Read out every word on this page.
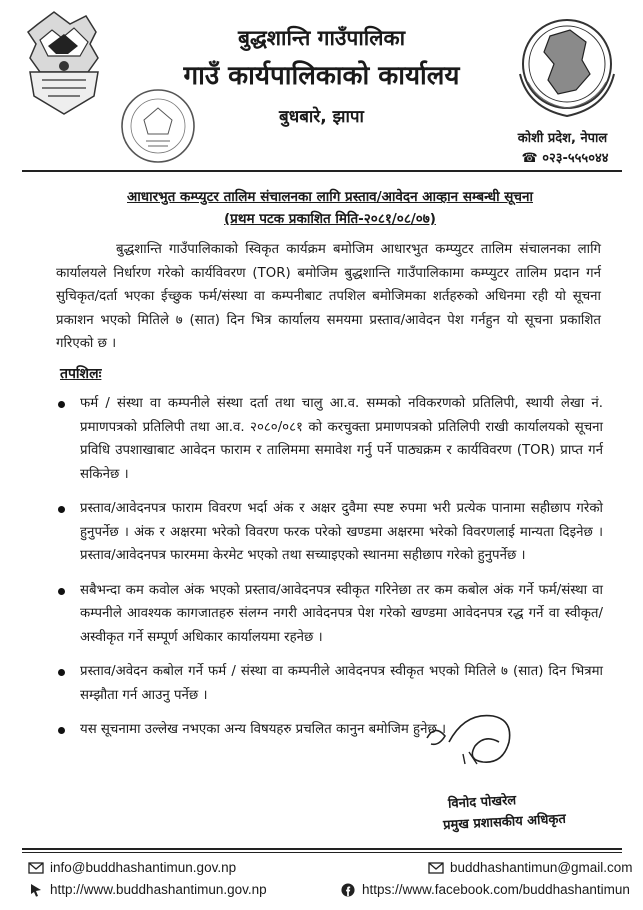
बुद्धशान्ति गाउँपालिका
गाउँ कार्यपालिकाको कार्यालय
बुधबारे, झापा
कोशी प्रदेश, नेपाल
☎ ०२३-५५५०४४
आधारभुत कम्प्युटर तालिम संचालनका लागि प्रस्ताव/आवेदन आव्हान सम्बन्धी सूचना
(प्रथम पटक प्रकाशित मिति-२०८१/०८/०७)
बुद्धशान्ति गाउँपालिकाको स्विकृत कार्यक्रम बमोजिम आधारभुत कम्प्युटर तालिम संचालनका लागि कार्यालयले निर्धारण गरेको कार्यविवरण (TOR) बमोजिम बुद्धशान्ति गाउँपालिकामा कम्प्युटर तालिम प्रदान गर्न सुचिकृत/दर्ता भएका ईच्छुक फर्म/संस्था वा कम्पनीबाट तपशिल बमोजिमका शर्तहरुको अधिनमा रही यो सूचना प्रकाशन भएको मितिले ७ (सात) दिन भित्र कार्यालय समयमा प्रस्ताव/आवेदन पेश गर्नहुन यो सूचना प्रकाशित गरिएको छ ।
तपशिलः
फर्म / संस्था वा कम्पनीले संस्था दर्ता तथा चालु आ.व. सम्मको नविकरणको प्रतिलिपी, स्थायी लेखा नं. प्रमाणपत्रको प्रतिलिपी तथा आ.व. २०८०/०८१ को करचुक्ता प्रमाणपत्रको प्रतिलिपी राखी कार्यालयको सूचना प्रविधि उपशाखाबाट आवेदन फाराम र तालिममा समावेश गर्नु पर्ने पाठ्यक्रम र कार्यविवरण (TOR) प्राप्त गर्न सकिनेछ ।
प्रस्ताव/आवेदनपत्र फाराम विवरण भर्दा अंक र अक्षर दुवैमा स्पष्ट रुपमा भरी प्रत्येक पानामा सहीछाप गरेको हुनुपर्नेछ । अंक र अक्षरमा भरेको विवरण फरक परेको खण्डमा अक्षरमा भरेको विवरणलाई मान्यता दिइनेछ । प्रस्ताव/आवेदनपत्र फारममा केरमेट भएको तथा सच्याइएको स्थानमा सहीछाप गरेको हुनुपर्नेछ ।
सबैभन्दा कम कवोल अंक भएको प्रस्ताव/आवेदनपत्र स्वीकृत गरिनेछा तर कम कबोल अंक गर्ने फर्म/संस्था वा कम्पनीले आवश्यक कागजातहरु संलग्न नगरी आवेदनपत्र पेश गरेको खण्डमा आवेदनपत्र रद्ध गर्ने वा स्वीकृत/अस्वीकृत गर्ने सम्पूर्ण अधिकार कार्यालयमा रहनेछ ।
प्रस्ताव/अवेदन कबोल गर्ने फर्म / संस्था वा कम्पनीले आवेदनपत्र स्वीकृत भएको मितिले ७ (सात) दिन भित्रमा सम्झौता गर्न आउनु पर्नेछ ।
यस सूचनामा उल्लेख नभएका अन्य विषयहरु प्रचलित कानुन बमोजिम हुनेछ ।
विनोद पोखरेल
प्रमुख प्रशासकीय अधिकृत
info@buddhashantimun.gov.np
http://www.buddhashantimun.gov.np
buddhashantimun@gmail.com
https://www.facebook.com/buddhashantimun
